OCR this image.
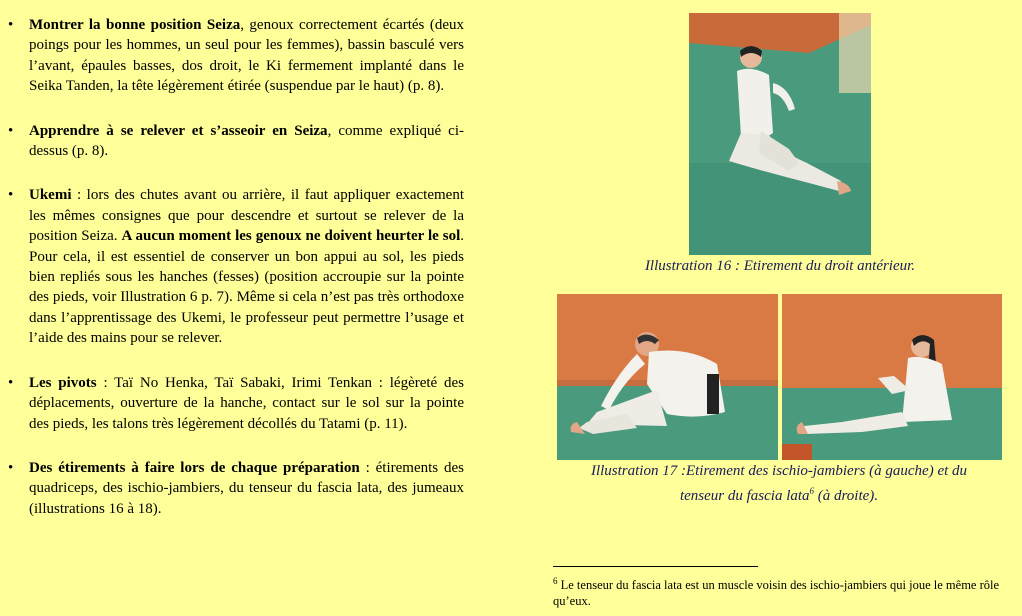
• Montrer la bonne position Seiza, genoux correctement écartés (deux poings pour les hommes, un seul pour les femmes), bassin basculé vers l’avant, épaules basses, dos droit, le Ki fermement implanté dans le Seika Tanden, la tête légèrement étirée (suspendue par le haut) (p. 8).
• Apprendre à se relever et s’asseoir en Seiza, comme expliqué ci-dessus (p. 8).
• Ukemi : lors des chutes avant ou arrière, il faut appliquer exactement les mêmes consignes que pour descendre et surtout se relever de la position Seiza. A aucun moment les genoux ne doivent heurter le sol. Pour cela, il est essentiel de conserver un bon appui au sol, les pieds bien repliés sous les hanches (fesses) (position accroupie sur la pointe des pieds, voir Illustration 6 p. 7). Même si cela n’est pas très orthodoxe dans l’apprentissage des Ukemi, le professeur peut permettre l’usage et l’aide des mains pour se relever.
• Les pivots : Taï No Henka, Taï Sabaki, Irimi Tenkan : légèreté des déplacements, ouverture de la hanche, contact sur le sol sur la pointe des pieds, les talons très légèrement décollés du Tatami (p. 11).
• Des étirements à faire lors de chaque préparation : étirements des quadriceps, des ischio-jambiers, du tenseur du fascia lata, des jumeaux (illustrations 16 à 18).
Illustration 16 : Etirement du droit antérieur.
Illustration 17 :Etirement des ischio-jambiers (à gauche) et du
tenseur du fascia lata$^6$ (à droite).
$^6$ Le tenseur du fascia lata est un muscle voisin des ischio-jambiers qui joue le même rôle qu’eux.
